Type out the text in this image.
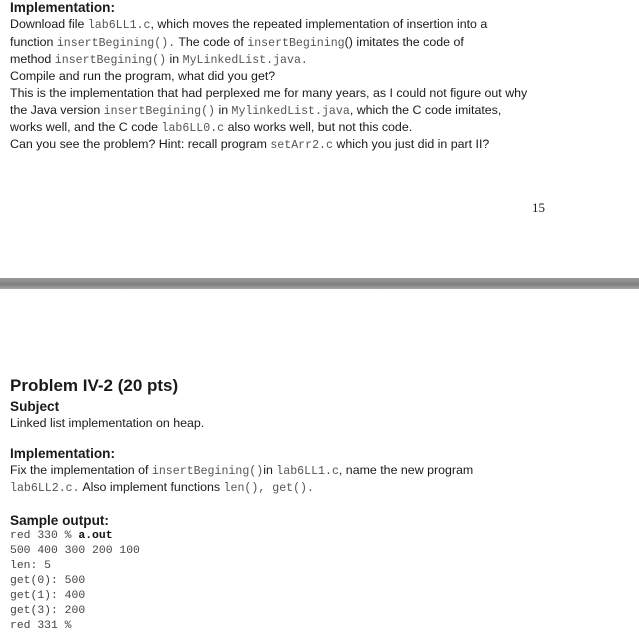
Implementation:
Download file lab6LL1.c, which moves the repeated implementation of insertion into a
function insertBegining(). The code of insertBegining() imitates the code of
method insertBegining() in MyLinkedList.java.
Compile and run the program, what did you get?
This is the implementation that had perplexed me for many years, as I could not figure out why
the Java version insertBegining() in MylinkedList.java, which the C code imitates,
works well, and the C code lab6LL0.c also works well, but not this code.
Can you see the problem? Hint: recall program setArr2.c which you just did in part II?
15
Problem IV-2 (20 pts)
Subject
Linked list implementation on heap.
Implementation:
Fix the implementation of insertBegining()in lab6LL1.c, name the new program
lab6LL2.c. Also implement functions len(), get().
Sample output:
red 330 % a.out
500 400 300 200 100
len: 5
get(0): 500
get(1): 400
get(3): 200
red 331 %
